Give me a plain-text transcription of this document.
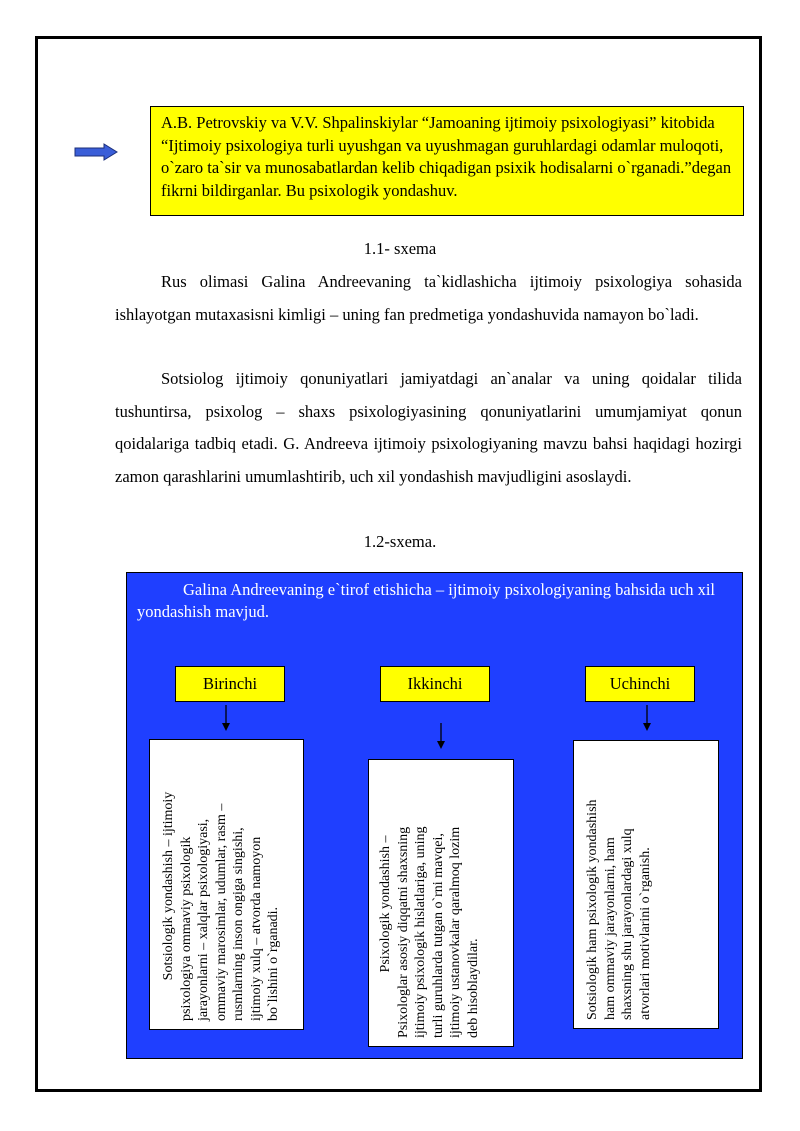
A.B. Petrovskiy va V.V. Shpalinskiylar “Jamoaning ijtimoiy psixologiyasi” kitobida “Ijtimoiy psixologiya turli uyushgan va uyushmagan guruhlardagi odamlar muloqoti, o`zaro ta`sir va munosabatlardan kelib chiqadigan psixik hodisalarni o`rganadi.”degan fikrni bildirganlar. Bu psixologik yondashuv.
1.1- sxema
Rus olimasi Galina Andreevaning ta`kidlashicha ijtimoiy psixologiya sohasida ishlayotgan mutaxasisni kimligi – uning fan predmetiga yondashuvida namayon bo`ladi.
Sotsiolog ijtimoiy qonuniyatlari jamiyatdagi an`analar va uning qoidalar tilida tushuntirsa, psixolog – shaxs psixologiyasining qonuniyatlarini umumjamiyat qonun qoidalariga tadbiq etadi. G. Andreeva ijtimoiy psixologiyaning mavzu bahsi haqidagi hozirgi zamon qarashlarini umumlashtirib, uch xil yondashish mavjudligini asoslaydi.
1.2-sxema.
Galina Andreevaning e`tirof etishicha – ijtimoiy psixologiyaning bahsida uch xil yondashish mavjud.
Birinchi
Sotsiologik yondashish – ijtimoiy psixologiya ommaviy psixologik jarayonlarni – xalqlar psixologiyasi, ommaviy marosimlar, udumlar, rasm – rusmlarning inson ongiga singishi, ijtimoiy xulq – atvorda namoyon bo`lishini o`rganadi.
Ikkinchi
Psixologik yondashish – Psixologlar asosiy diqqatni shaxsning ijtimoiy psixologik hislatlariga, uning turli guruhlarda tutgan o`rni mavqei, ijtimoiy ustanovkalar qaralmoq lozim deb hisoblaydilar.
Uchinchi
Sotsiologik ham psixologik yondashish ham ommaviy jarayonlarni, ham shaxsning shu jarayonlardagi xulq atvorlari motivlarini o`rganish.
